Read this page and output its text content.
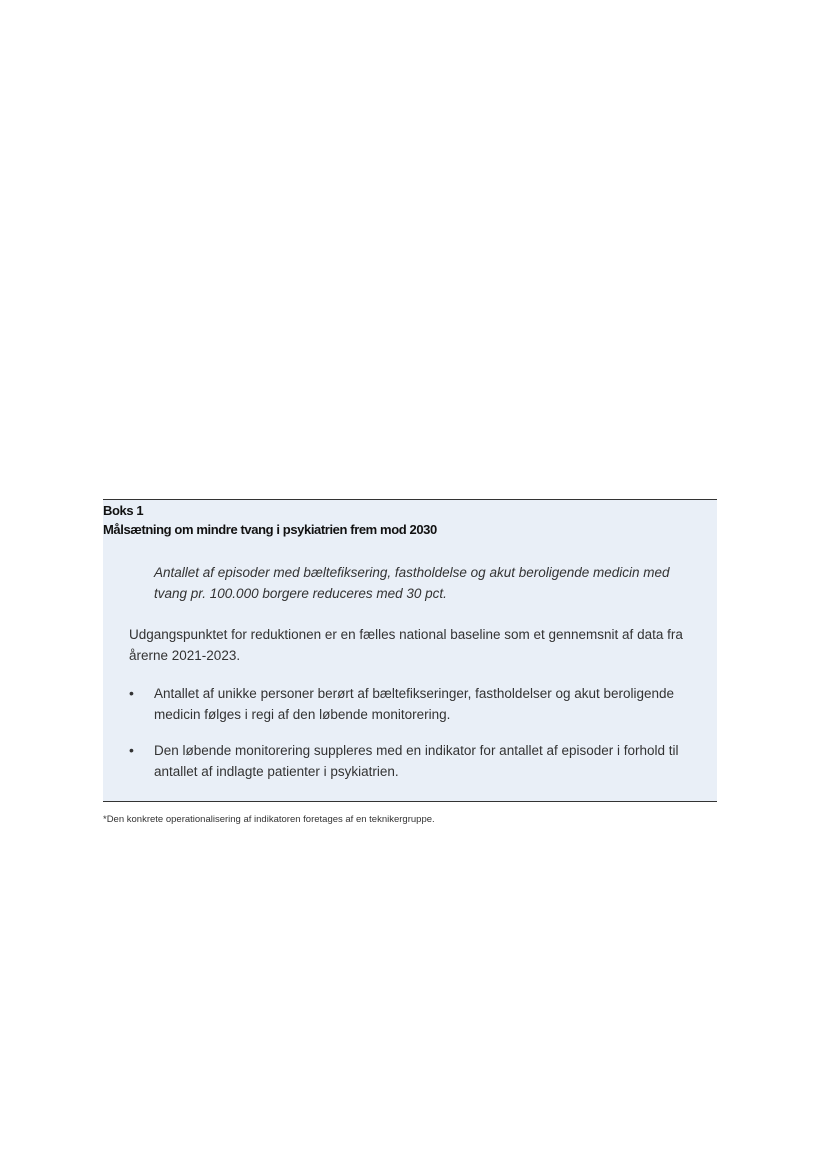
Boks 1
Målsætning om mindre tvang i psykiatrien frem mod 2030
Antallet af episoder med bæltefiksering, fastholdelse og akut beroligende medicin med tvang pr. 100.000 borgere reduceres med 30 pct.
Udgangspunktet for reduktionen er en fælles national baseline som et gennemsnit af data fra årerne 2021-2023.
•	Antallet af unikke personer berørt af bæltefikseringer, fastholdelser og akut beroligende medicin følges i regi af den løbende monitorering.
•	Den løbende monitorering suppleres med en indikator for antallet af episoder i forhold til antallet af indlagte patienter i psykiatrien.
*Den konkrete operationalisering af indikatoren foretages af en teknikergruppe.
